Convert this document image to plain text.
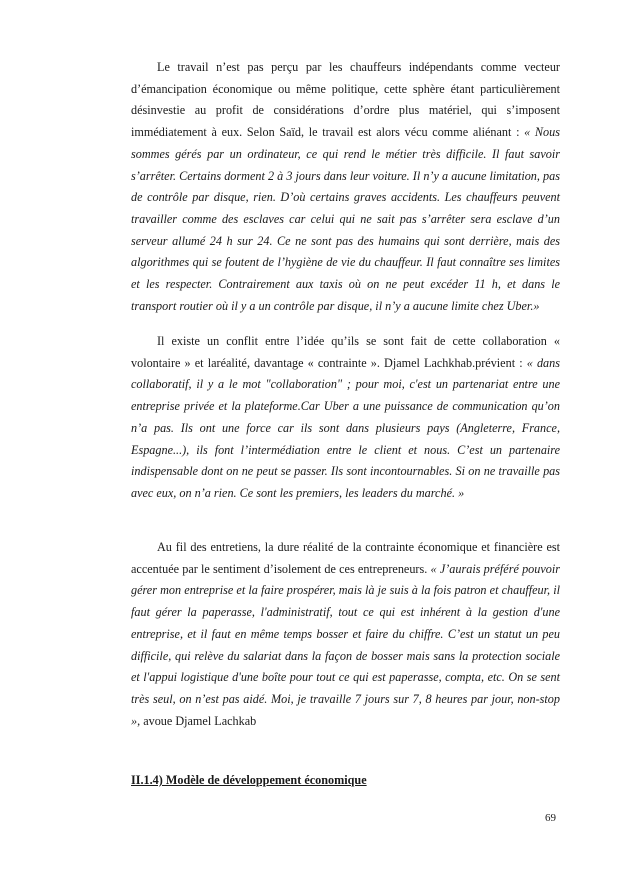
Le travail n’est pas perçu par les chauffeurs indépendants comme vecteur d’émancipation économique ou même politique, cette sphère étant particulièrement désinvestie au profit de considérations d’ordre plus matériel, qui s’imposent immédiatement à eux. Selon Saïd, le travail est alors vécu comme aliénant : « Nous sommes gérés par un ordinateur, ce qui rend le métier très difficile. Il faut savoir s’arrêter. Certains dorment 2 à 3 jours dans leur voiture. Il n’y a aucune limitation, pas de contrôle par disque, rien. D’où certains graves accidents. Les chauffeurs peuvent travailler comme des esclaves car celui qui ne sait pas s’arrêter sera esclave d’un serveur allumé 24 h sur 24. Ce ne sont pas des humains qui sont derrière, mais des algorithmes qui se foutent de l’hygiène de vie du chauffeur. Il faut connaître ses limites et les respecter. Contrairement aux taxis où on ne peut excéder 11 h, et dans le transport routier où il y a un contrôle par disque, il n’y a aucune limite chez Uber.»

Il existe un conflit entre l’idée qu’ils se sont fait de cette collaboration « volontaire » et laréalité, davantage « contrainte ». Djamel Lachkhab.prévient : « dans collaboratif, il y a le mot "collaboration" ; pour moi, c'est un partenariat entre une entreprise privée et la plateforme.Car Uber a une puissance de communication qu’on n’a pas. Ils ont une force car ils sont dans plusieurs pays (Angleterre, France, Espagne...), ils font l’intermédiation entre le client et nous. C’est un partenaire indispensable dont on ne peut se passer. Ils sont incontournables. Si on ne travaille pas avec eux, on n’a rien. Ce sont les premiers, les leaders du marché. »

Au fil des entretiens, la dure réalité de la contrainte économique et financière est accentuée par le sentiment d’isolement de ces entrepreneurs. « J’aurais préféré pouvoir gérer mon entreprise et la faire prospérer, mais là je suis à la fois patron et chauffeur, il faut gérer la paperasse, l'administratif, tout ce qui est inhérent à la gestion d'une entreprise, et il faut en même temps bosser et faire du chiffre. C’est un statut un peu difficile, qui relève du salariat dans la façon de bosser mais sans la protection sociale et l'appui logistique d'une boîte pour tout ce qui est paperasse, compta, etc. On se sent très seul, on n’est pas aidé. Moi, je travaille 7 jours sur 7, 8 heures par jour, non-stop », avoue Djamel Lachkab

II.1.4) Modèle de développement économique
69
